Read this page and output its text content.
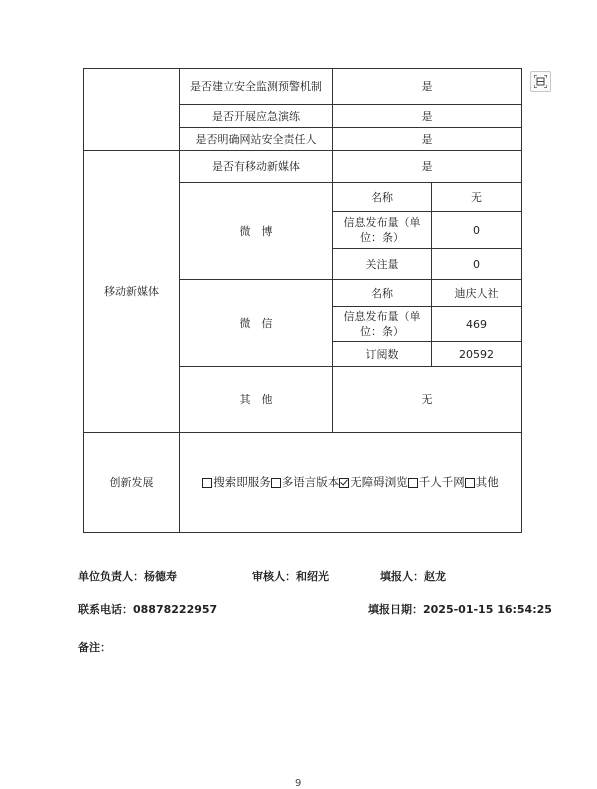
	是否建立安全监测预警机制	是	
	是否开展应急演练	是	
	是否明确网站安全责任人	是	
移动新媒体	是否有移动新媒体	是	
	微　博	名称	无
		信息发布量（单位：条）	0
		关注量	0
	微　信	名称	迪庆人社
		信息发布量（单位：条）	469
		订阅数	20592
	其　他	无	
创新发展	搜索即服务 多语言版本 无障碍浏览 千人千网 其他		
单位负责人：杨德寿	审核人：和绍光	填报人：赵龙
联系电话：08878222957	填报日期：2025-01-15 16:54:25
备注：
9
